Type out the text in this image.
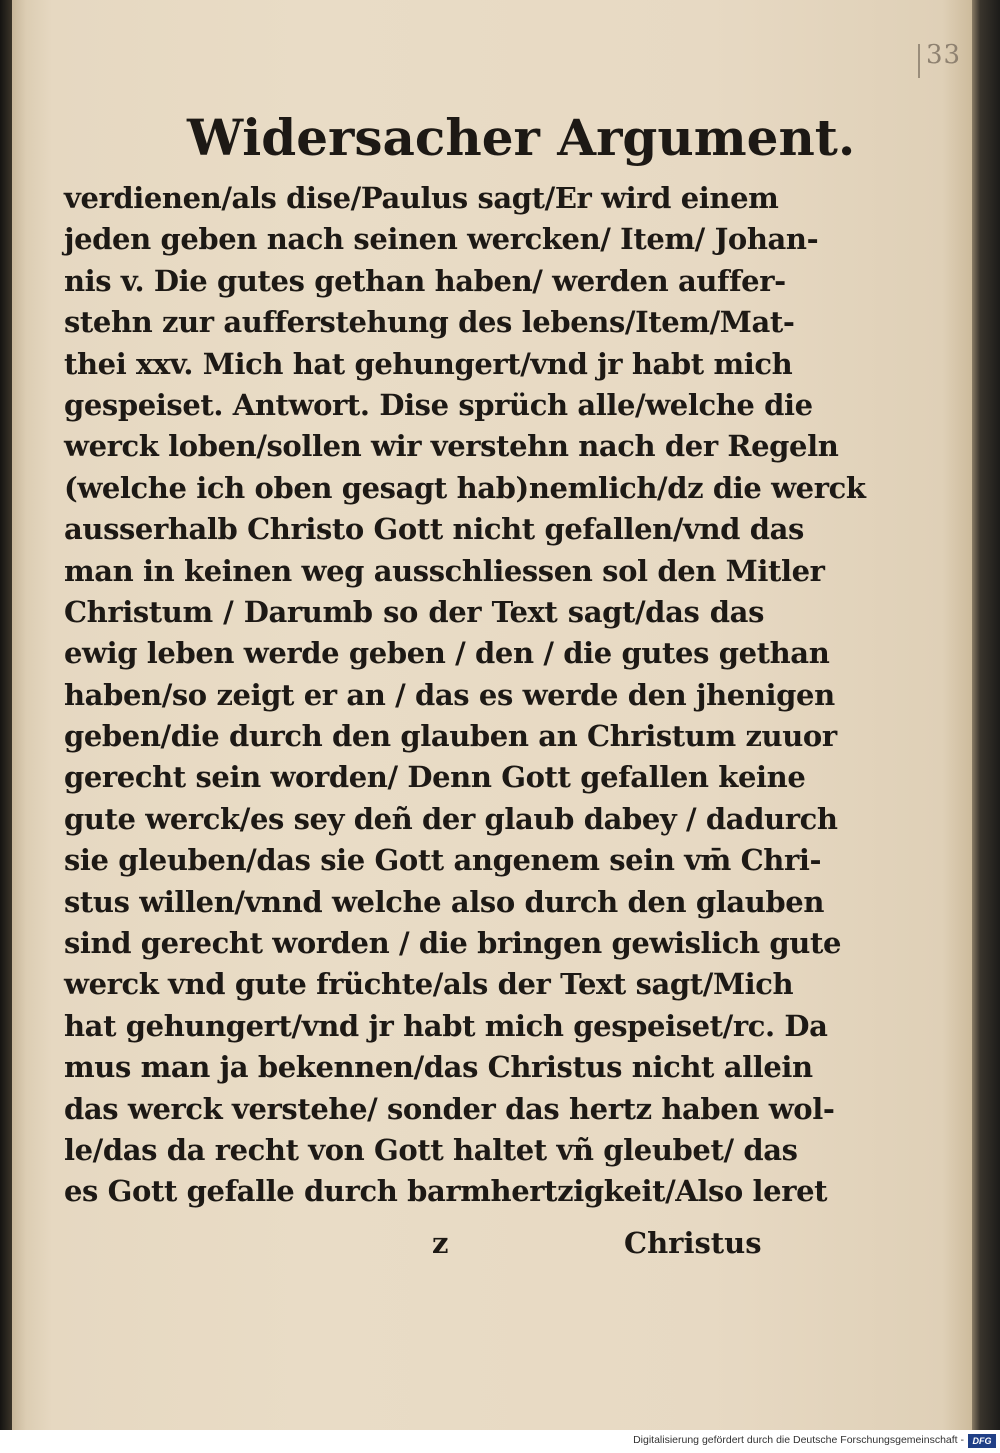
33
Widersacher Argument.
verdienen/als dise/Paulus sagt/Er wird einem
jeden geben nach seinen wercken/ Item/ Johan-
nis v. Die gutes gethan haben/ werden auffer-
stehn zur aufferstehung des lebens/Item/Mat-
thei xxv. Mich hat gehungert/vnd jr habt mich
gespeiset. Antwort. Dise sprüch alle/welche die
werck loben/sollen wir verstehn nach der Regeln
(welche ich oben gesagt hab)nemlich/dz die werck
ausserhalb Christo Gott nicht gefallen/vnd das
man in keinen weg ausschliessen sol den Mitler
Christum / Darumb so der Text sagt/das das
ewig leben werde geben / den / die gutes gethan
haben/so zeigt er an / das es werde den jhenigen
geben/die durch den glauben an Christum zuuor
gerecht sein worden/ Denn Gott gefallen keine
gute werck/es sey deñ der glaub dabey / dadurch
sie gleuben/das sie Gott angenem sein vm̄ Chri-
stus willen/vnnd welche also durch den glauben
sind gerecht worden / die bringen gewislich gute
werck vnd gute früchte/als der Text sagt/Mich
hat gehungert/vnd jr habt mich gespeiset/rc. Da
mus man ja bekennen/das Christus nicht allein
das werck verstehe/ sonder das hertz haben wol-
le/das da recht von Gott haltet vñ gleubet/ das
es Gott gefalle durch barmhertzigkeit/Also leret
z	Christus
Digitalisierung gefördert durch die Deutsche Forschungsgemeinschaft - DFG
